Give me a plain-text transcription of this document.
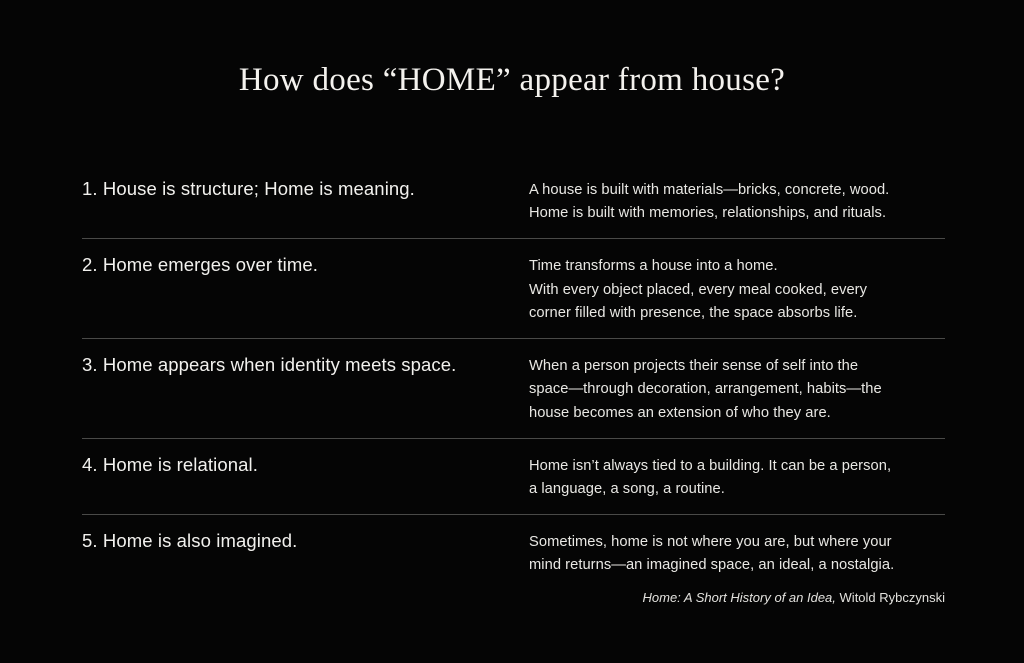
How does “HOME” appear from house?
1. House is structure; Home is meaning.	A house is built with materials—bricks, concrete, wood.
Home is built with memories, relationships, and rituals.
2. Home emerges over time.	Time transforms a house into a home.
With every object placed, every meal cooked, every
corner filled with presence, the space absorbs life.
3. Home appears when identity meets space.	When a person projects their sense of self into the
space—through decoration, arrangement, habits—the
house becomes an extension of who they are.
4. Home is relational.	Home isn’t always tied to a building. It can be a person,
a language, a song, a routine.
5. Home is also imagined.	Sometimes, home is not where you are, but where your
mind returns—an imagined space, an ideal, a nostalgia.
Home: A Short History of an Idea, Witold Rybczynski
